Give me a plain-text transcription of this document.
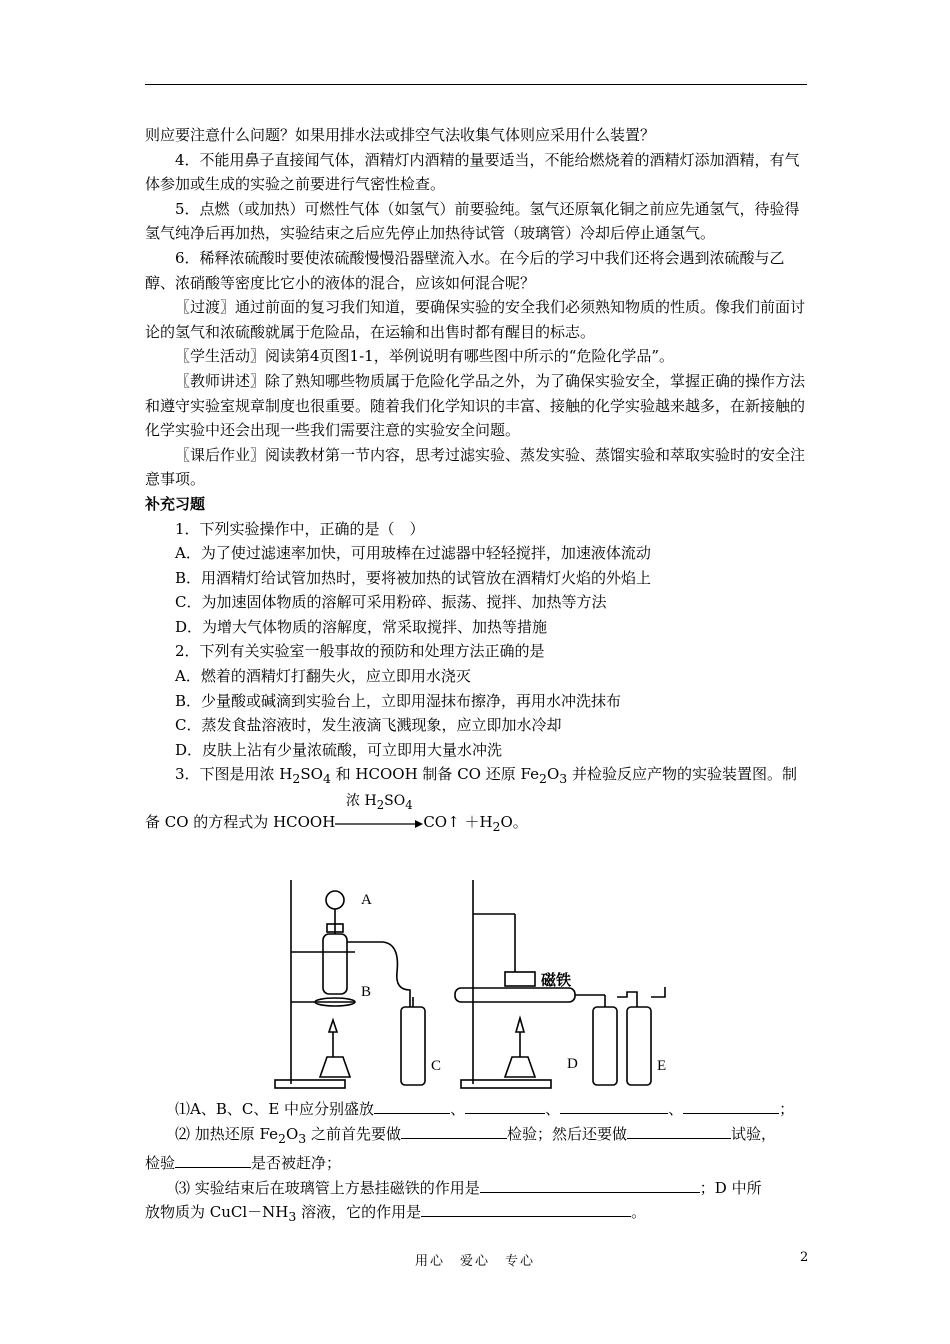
则应要注意什么问题？如果用排水法或排空气法收集气体则应采用什么装置？

4．不能用鼻子直接闻气体，酒精灯内酒精的量要适当，不能给燃烧着的酒精灯添加酒精，有气体参加或生成的实验之前要进行气密性检查。

5．点燃（或加热）可燃性气体（如氢气）前要验纯。氢气还原氧化铜之前应先通氢气，待验得氢气纯净后再加热，实验结束之后应先停止加热待试管（玻璃管）冷却后停止通氢气。

6．稀释浓硫酸时要使浓硫酸慢慢沿器壁流入水。在今后的学习中我们还将会遇到浓硫酸与乙醇、浓硝酸等密度比它小的液体的混合，应该如何混合呢？

〖过渡〗通过前面的复习我们知道，要确保实验的安全我们必须熟知物质的性质。像我们前面讨论的氢气和浓硫酸就属于危险品，在运输和出售时都有醒目的标志。

〖学生活动〗阅读第4页图1-1，举例说明有哪些图中所示的“危险化学品”。

〖教师讲述〗除了熟知哪些物质属于危险化学品之外，为了确保实验安全，掌握正确的操作方法和遵守实验室规章制度也很重要。随着我们化学知识的丰富、接触的化学实验越来越多，在新接触的化学实验中还会出现一些我们需要注意的实验安全问题。

〖课后作业〗阅读教材第一节内容，思考过滤实验、蒸发实验、蒸馏实验和萃取实验时的安全注意事项。

补充习题

1．下列实验操作中，正确的是（　）

A．为了使过滤速率加快，可用玻棒在过滤器中轻轻搅拌，加速液体流动

B．用酒精灯给试管加热时，要将被加热的试管放在酒精灯火焰的外焰上

C．为加速固体物质的溶解可采用粉碎、振荡、搅拌、加热等方法

D．为增大气体物质的溶解度，常采取搅拌、加热等措施

2．下列有关实验室一般事故的预防和处理方法正确的是

A．燃着的酒精灯打翻失火，应立即用水浇灭

B．少量酸或碱滴到实验台上，立即用湿抹布擦净，再用水冲洗抹布

C．蒸发食盐溶液时，发生液滴飞溅现象，应立即加水冷却

D．皮肤上沾有少量浓硫酸，可立即用大量水冲洗

3．下图是用浓 $H_2SO_4$ 和 HCOOH 制备 CO 还原 $Fe_2O_3$ 并检验反应产物的实验装置图。制

备 CO 的方程式为 HCOOH
浓 $H_2SO_4$
CO↑ $+H_2O$。

A
B
C	D	E
磁铁

⑴A、B、C、E 中应分别盛放	、	、	、	；

⑵ 加热还原 $Fe_2O_3$ 之前首先要做	检验；然后还要做	试验，

检验	是否被赶净；

⑶ 实验结束后在玻璃管上方悬挂磁铁的作用是	；D 中所

放物质为 $CuCl-NH_3$ 溶液，它的作用是	。

用心　爱心　专心	2
